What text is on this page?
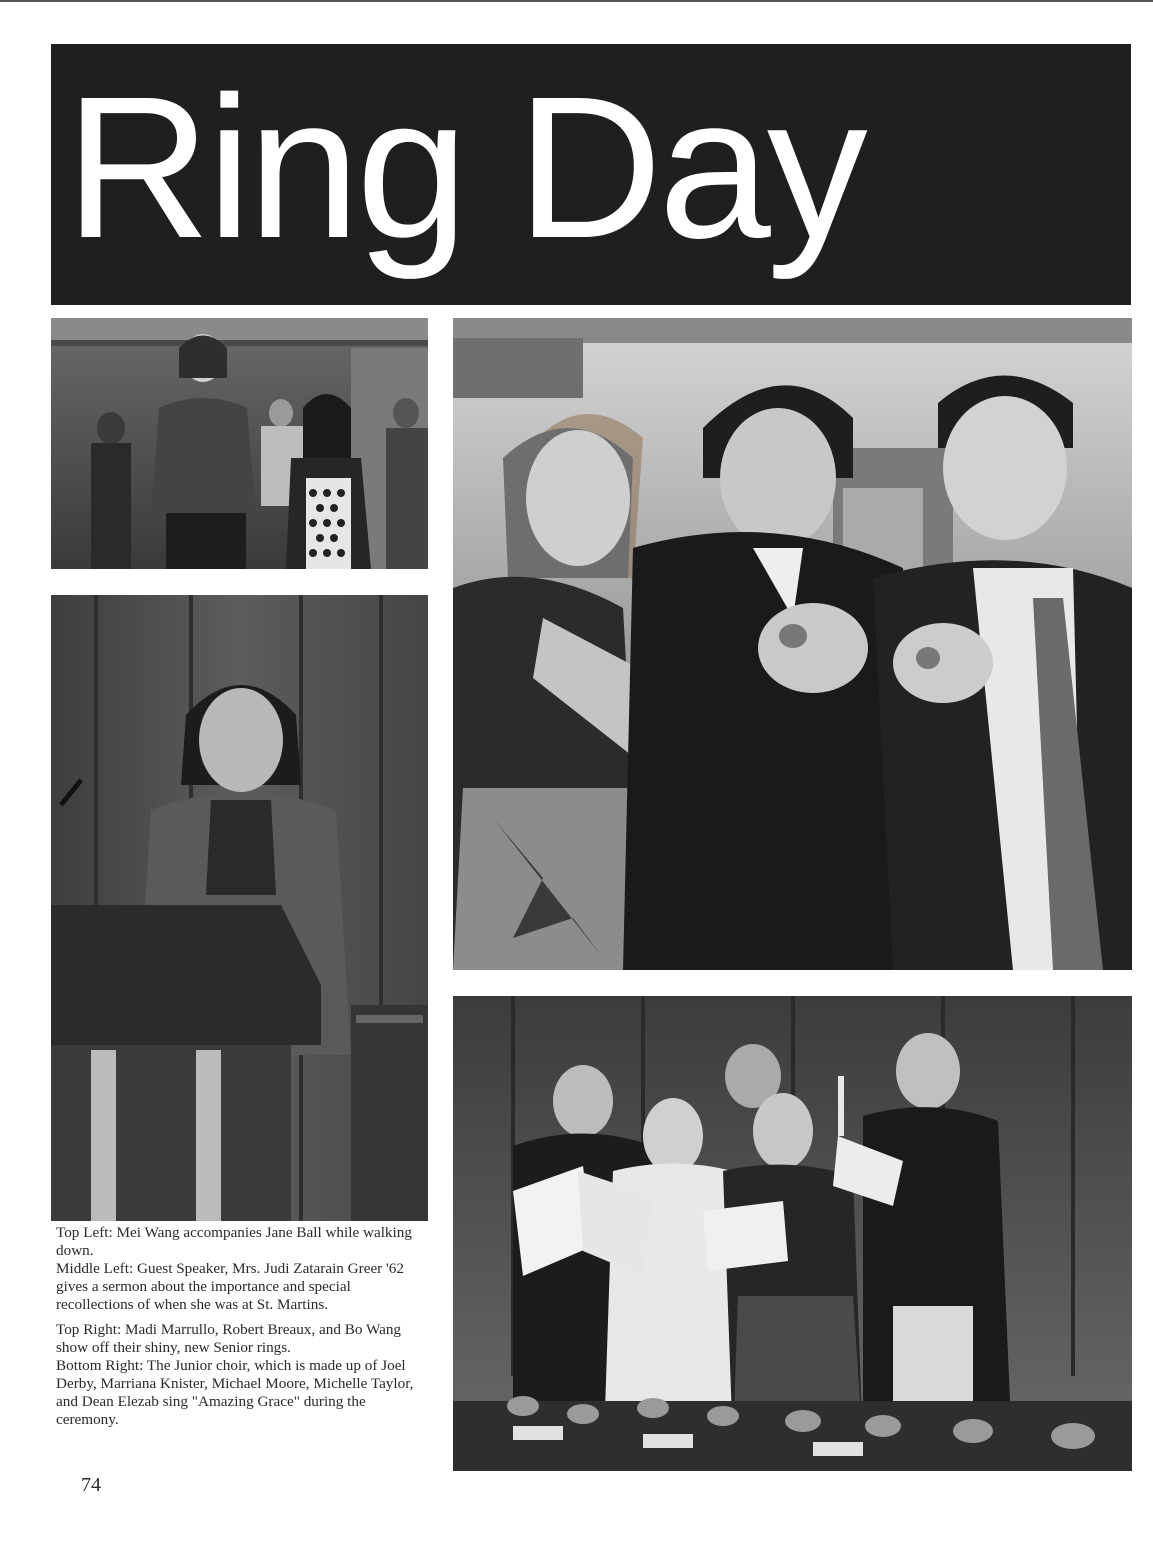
Ring Day

Top Left: Mei Wang accompanies Jane Ball while walking down.
Middle Left: Guest Speaker, Mrs. Judi Zatarain Greer '62 gives a sermon about the importance and special recollections of when she was at St. Martins.

Top Right: Madi Marrullo, Robert Breaux, and Bo Wang show off their shiny, new Senior rings.
Bottom Right: The Junior choir, which is made up of Joel Derby, Marriana Knister, Michael Moore, Michelle Taylor, and Dean Elezab sing "Amazing Grace" during the ceremony.

74
